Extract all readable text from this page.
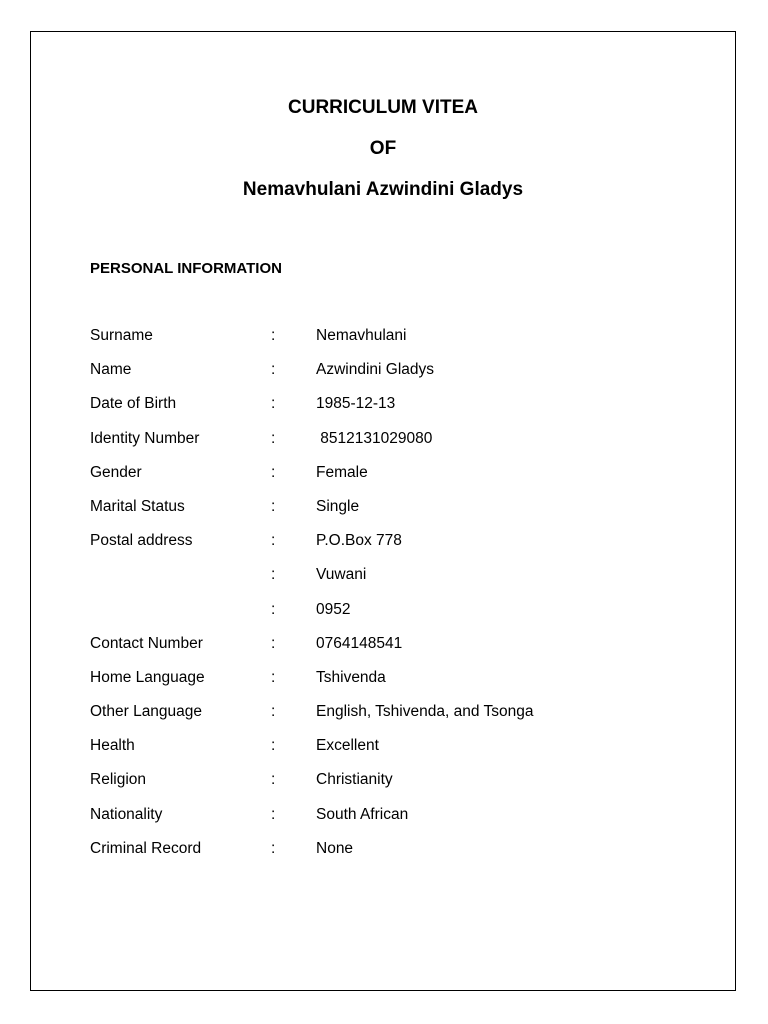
CURRICULUM VITEA
OF
Nemavhulani Azwindini Gladys
PERSONAL INFORMATION
Surname	:	Nemavhulani
Name	:	Azwindini Gladys
Date of Birth	:	1985-12-13
Identity Number	:	8512131029080
Gender	:	Female
Marital Status	:	Single
Postal address	:	P.O.Box 778
:	Vuwani
:	0952
Contact Number	:	0764148541
Home Language	:	Tshivenda
Other Language	:	English, Tshivenda, and Tsonga
Health	:	Excellent
Religion	:	Christianity
Nationality	:	South African
Criminal Record	:	None
